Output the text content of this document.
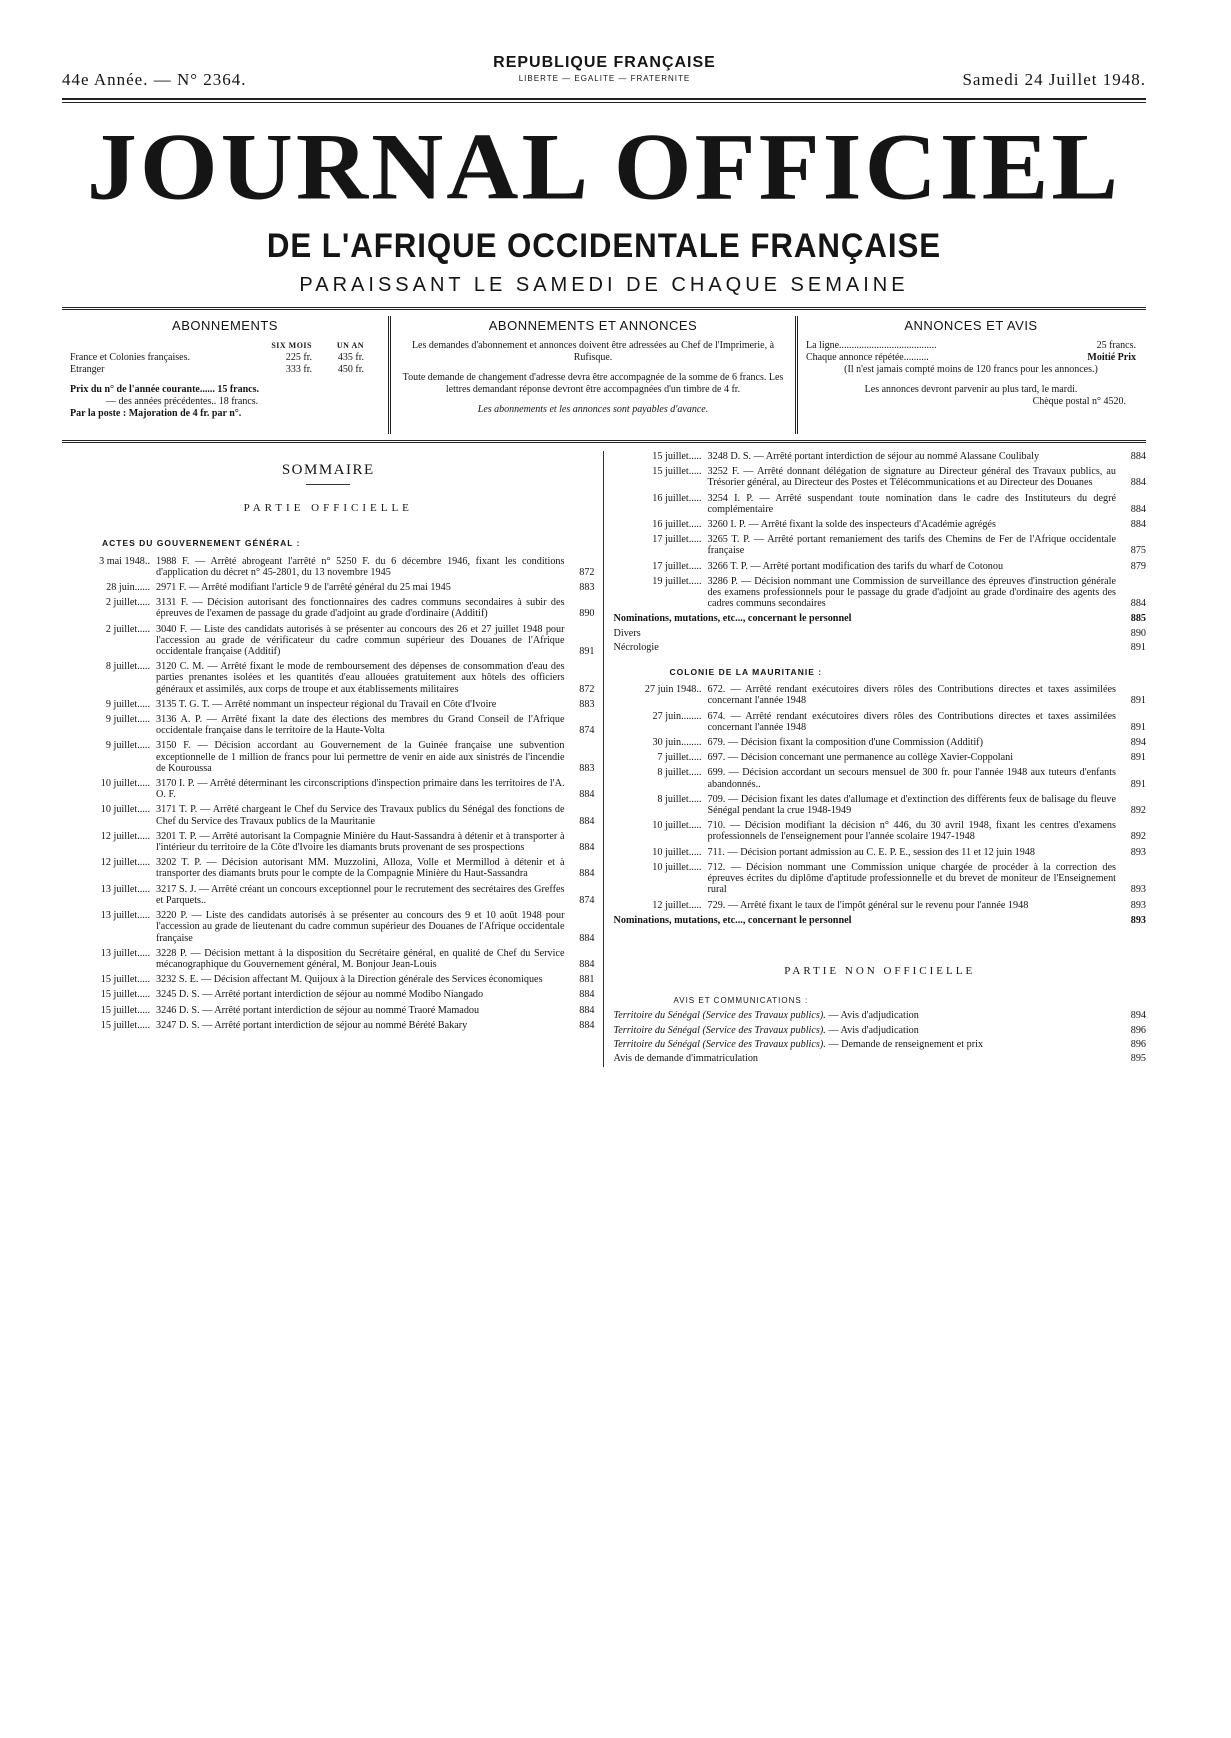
44e Année. — N° 2364.
REPUBLIQUE FRANÇAISE
LIBERTE — EGALITE — FRATERNITE	Samedi 24 Juillet 1948.
JOURNAL OFFICIEL
DE L'AFRIQUE OCCIDENTALE FRANÇAISE
PARAISSANT LE SAMEDI DE CHAQUE SEMAINE
ABONNEMENTS
SIX MOIS	UN AN
France et Colonies françaises.	225 fr.	435 fr.
Etranger	333 fr.	450 fr.
Prix du n° de l'année courante...... 15 francs.
— des années précédentes.. 18 francs.
Par la poste : Majoration de 4 fr. par n°.
ABONNEMENTS ET ANNONCES
Les demandes d'abonnement et annonces doivent être adressées au Chef de l'Imprimerie, à Rufisque.
Toute demande de changement d'adresse devra être accompagnée de la somme de 6 francs. Les lettres demandant réponse devront être accompagnées d'un timbre de 4 fr.
Les abonnements et les annonces sont payables d'avance.
ANNONCES ET AVIS
La ligne.......................................	25 francs.
Chaque annonce répétée..........	Moitié Prix
(Il n'est jamais compté moins de 120 francs pour les annonces.)
Les annonces devront parvenir au plus tard, le mardi.
Chèque postal n° 4520.
SOMMAIRE
PARTIE OFFICIELLE
ACTES DU GOUVERNEMENT GÉNÉRAL :
3 mai 1948.. 1988 F. — Arrêté abrogeant l'arrêté n° 5250 F. du 6 décembre 1946, fixant les conditions d'application du décret n° 45-2801, du 13 novembre 1945	872
28 juin...... 2971 F. — Arrêté modifiant l'article 9 de l'arrêté général du 25 mai 1945	883
2 juillet..... 3131 F. — Décision autorisant des fonctionnaires des cadres communs secondaires à subir des épreuves de l'examen de passage du grade d'adjoint au grade d'ordinaire (Additif)	890
2 juillet..... 3040 F. — Liste des candidats autorisés à se présenter au concours des 26 et 27 juillet 1948 pour l'accession au grade de vérificateur du cadre commun supérieur des Douanes de l'Afrique occidentale française (Additif)	891
8 juillet..... 3120 C. M. — Arrêté fixant le mode de remboursement des dépenses de consommation d'eau des parties prenantes isolées et les quantités d'eau allouées gratuitement aux hôtels des officiers généraux et assimilés, aux corps de troupe et aux établissements militaires	872
9 juillet..... 3135 T. G. T. — Arrêté nommant un inspecteur régional du Travail en Côte d'Ivoire	883
9 juillet..... 3136 A. P. — Arrêté fixant la date des élections des membres du Grand Conseil de l'Afrique occidentale française dans le territoire de la Haute-Volta	874
9 juillet..... 3150 F. — Décision accordant au Gouvernement de la Guinée française une subvention exceptionnelle de 1 million de francs pour lui permettre de venir en aide aux sinistrés de l'incendie de Kouroussa	883
10 juillet..... 3170 I. P. — Arrêté déterminant les circonscriptions d'inspection primaire dans les territoires de l'A. O. F.	884
10 juillet..... 3171 T. P. — Arrêté chargeant le Chef du Service des Travaux publics du Sénégal des fonctions de Chef du Service des Travaux publics de la Mauritanie	884
12 juillet..... 3201 T. P. — Arrêté autorisant la Compagnie Minière du Haut-Sassandra à détenir et à transporter à l'intérieur du territoire de la Côte d'Ivoire les diamants bruts provenant de ses prospections	884
12 juillet..... 3202 T. P. — Décision autorisant MM. Muzzolini, Alloza, Volle et Mermillod à détenir et à transporter des diamants bruts pour le compte de la Compagnie Minière du Haut-Sassandra	884
13 juillet..... 3217 S. J. — Arrêté créant un concours exceptionnel pour le recrutement des secrétaires des Greffes et Parquets..	874
13 juillet..... 3220 P. — Liste des candidats autorisés à se présenter au concours des 9 et 10 août 1948 pour l'accession au grade de lieutenant du cadre commun supérieur des Douanes de l'Afrique occidentale française	884
13 juillet..... 3228 P. — Décision mettant à la disposition du Secrétaire général, en qualité de Chef du Service mécanographique du Gouvernement général, M. Bonjour Jean-Louis	884
15 juillet..... 3232 S. E. — Décision affectant M. Quijoux à la Direction générale des Services économiques	881
15 juillet..... 3245 D. S. — Arrêté portant interdiction de séjour au nommé Modibo Niangado	884
15 juillet..... 3246 D. S. — Arrêté portant interdiction de séjour au nommé Traoré Mamadou	884
15 juillet..... 3247 D. S. — Arrêté portant interdiction de séjour au nommé Bérété Bakary	884
15 juillet..... 3248 D. S. — Arrêté portant interdiction de séjour au nommé Alassane Coulibaly	884
15 juillet..... 3252 F. — Arrêté donnant délégation de signature au Directeur général des Travaux publics, au Trésorier général, au Directeur des Postes et Télécommunications et au Directeur des Douanes	884
16 juillet..... 3254 I. P. — Arrêté suspendant toute nomination dans le cadre des Instituteurs du degré complémentaire	884
16 juillet..... 3260 I. P. — Arrêté fixant la solde des inspecteurs d'Académie agrégés	884
17 juillet..... 3265 T. P. — Arrêté portant remaniement des tarifs des Chemins de Fer de l'Afrique occidentale française	875
17 juillet..... 3266 T. P. — Arrêté portant modification des tarifs du wharf de Cotonou	879
19 juillet..... 3286 P. — Décision nommant une Commission de surveillance des épreuves d'instruction générale des examens professionnels pour le passage du grade d'adjoint au grade d'ordinaire des agents des cadres communs secondaires	884
Nominations, mutations, etc..., concernant le personnel	885
Divers	890
Nécrologie	891
COLONIE DE LA MAURITANIE :
27 juin 1948.. 672. — Arrêté rendant exécutoires divers rôles des Contributions directes et taxes assimilées concernant l'année 1948	891
27 juin........ 674. — Arrêté rendant exécutoires divers rôles des Contributions directes et taxes assimilées concernant l'année 1948	891
30 juin........ 679. — Décision fixant la composition d'une Commission (Additif)	894
7 juillet..... 697. — Décision concernant une permanence au collège Xavier-Coppolani	891
8 juillet..... 699. — Décision accordant un secours mensuel de 300 fr. pour l'année 1948 aux tuteurs d'enfants abandonnés..	891
8 juillet..... 709. — Décision fixant les dates d'allumage et d'extinction des différents feux de balisage du fleuve Sénégal pendant la crue 1948-1949	892
10 juillet..... 710. — Décision modifiant la décision n° 446, du 30 avril 1948, fixant les centres d'examens professionnels de l'enseignement pour l'année scolaire 1947-1948	892
10 juillet..... 711. — Décision portant admission au C. E. P. E., session des 11 et 12 juin 1948	893
10 juillet..... 712. — Décision nommant une Commission unique chargée de procéder à la correction des épreuves écrites du diplôme d'aptitude professionnelle et du brevet de moniteur de l'Enseignement rural	893
12 juillet..... 729. — Arrêté fixant le taux de l'impôt général sur le revenu pour l'année 1948	893
Nominations, mutations, etc..., concernant le personnel	893
PARTIE NON OFFICIELLE
AVIS ET COMMUNICATIONS :
Territoire du Sénégal (Service des Travaux publics). — Avis d'adjudication	894
Territoire du Sénégal (Service des Travaux publics). — Avis d'adjudication	896
Territoire du Sénégal (Service des Travaux publics). — Demande de renseignement et prix	896
Avis de demande d'immatriculation	895
